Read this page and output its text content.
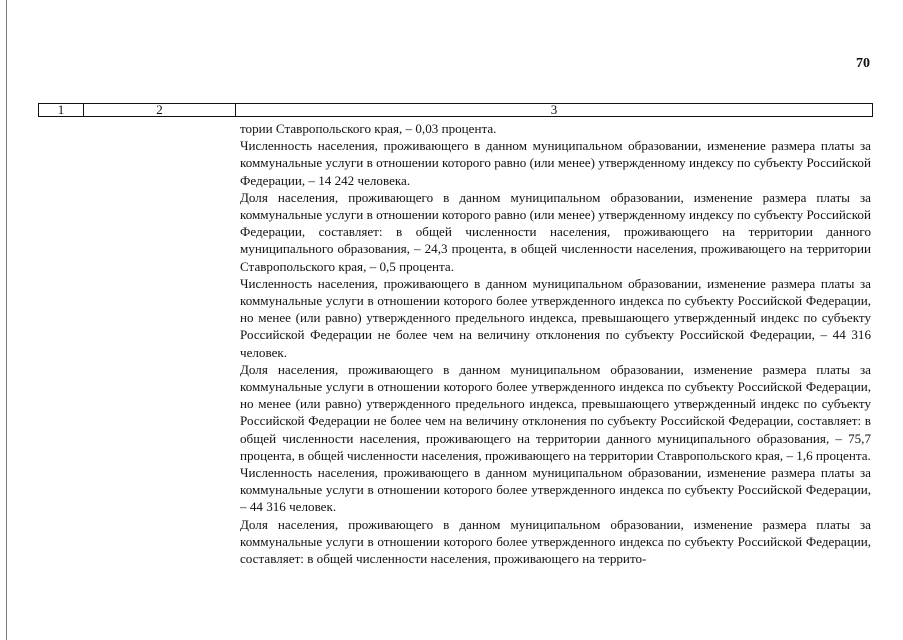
70
1	2	3

тории Ставропольского края, – 0,03 процента.

Численность населения, проживающего в данном муниципальном образовании, изменение размера платы за коммунальные услуги в отношении которого равно (или менее) утвержденному индексу по субъекту Российской Федерации, – 14 242 человека.

Доля населения, проживающего в данном муниципальном образовании, изменение размера платы за коммунальные услуги в отношении которого равно (или менее) утвержденному индексу по субъекту Российской Федерации, составляет: в общей численности населения, проживающего на территории данного муниципального образования, – 24,3 процента, в общей численности населения, проживающего на территории Ставропольского края, – 0,5 процента.

Численность населения, проживающего в данном муниципальном образовании, изменение размера платы за коммунальные услуги в отношении которого более утвержденного индекса по субъекту Российской Федерации, но менее (или равно) утвержденного предельного индекса, превышающего утвержденный индекс по субъекту Российской Федерации не более чем на величину отклонения по субъекту Российской Федерации, – 44 316 человек.

Доля населения, проживающего в данном муниципальном образовании, изменение размера платы за коммунальные услуги в отношении которого более утвержденного индекса по субъекту Российской Федерации, но менее (или равно) утвержденного предельного индекса, превышающего утвержденный индекс по субъекту Российской Федерации не более чем на величину отклонения по субъекту Российской Федерации, составляет: в общей численности населения, проживающего на территории данного муниципального образования, – 75,7 процента, в общей численности населения, проживающего на территории Ставропольского края, – 1,6 процента.

Численность населения, проживающего в данном муниципальном образовании, изменение размера платы за коммунальные услуги в отношении которого более утвержденного индекса по субъекту Российской Федерации, – 44 316 человек.

Доля населения, проживающего в данном муниципальном образовании, изменение размера платы за коммунальные услуги в отношении которого более утвержденного индекса по субъекту Российской Федерации, составляет: в общей численности населения, проживающего на террито-
